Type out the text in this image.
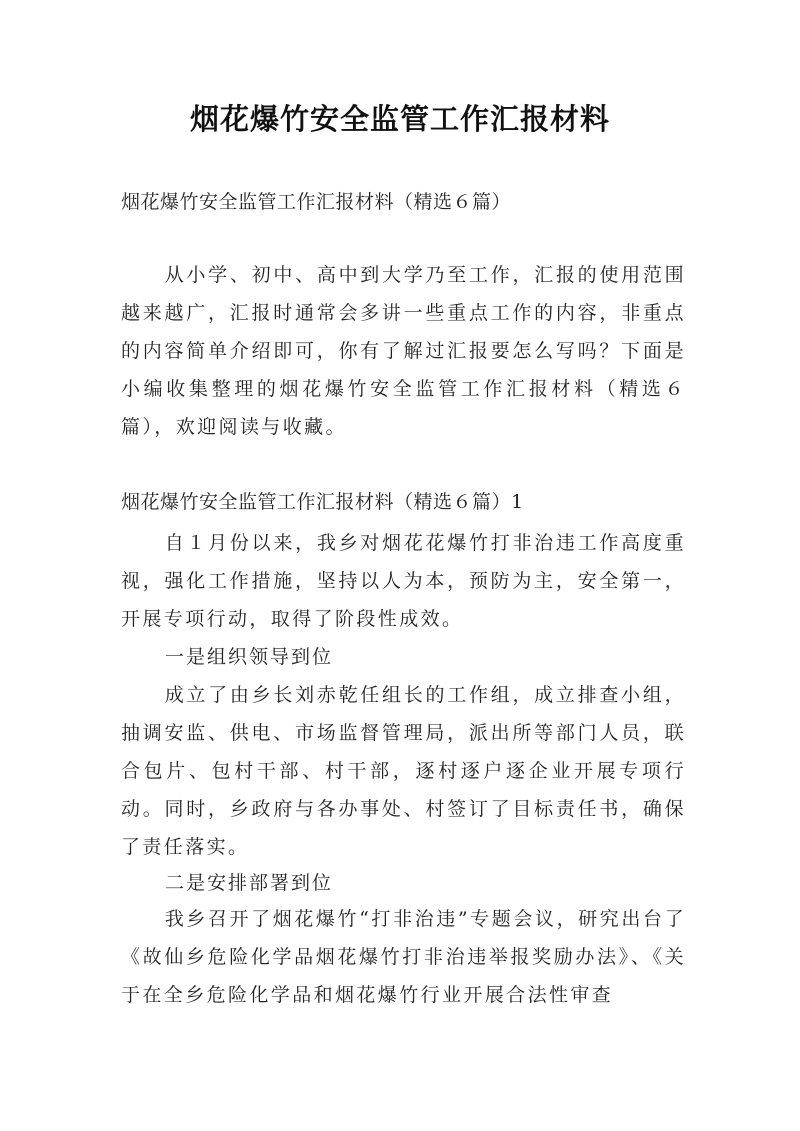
烟花爆竹安全监管工作汇报材料
烟花爆竹安全监管工作汇报材料（精选６篇）
从小学、初中、高中到大学乃至工作，汇报的使用范围越来越广，汇报时通常会多讲一些重点工作的内容，非重点的内容简单介绍即可，你有了解过汇报要怎么写吗？下面是小编收集整理的烟花爆竹安全监管工作汇报材料（精选６篇），欢迎阅读与收藏。
烟花爆竹安全监管工作汇报材料（精选６篇）1
自１月份以来，我乡对烟花花爆竹打非治违工作高度重视，强化工作措施，坚持以人为本，预防为主，安全第一，开展专项行动，取得了阶段性成效。
一是组织领导到位
成立了由乡长刘赤乾任组长的工作组，成立排查小组，抽调安监、供电、市场监督管理局，派出所等部门人员，联合包片、包村干部、村干部，逐村逐户逐企业开展专项行动。同时，乡政府与各办事处、村签订了目标责任书，确保了责任落实。
二是安排部署到位
我乡召开了烟花爆竹“打非治违”专题会议，研究出台了《故仙乡危险化学品烟花爆竹打非治违举报奖励办法》、《关于在全乡危险化学品和烟花爆竹行业开展合法性审查
